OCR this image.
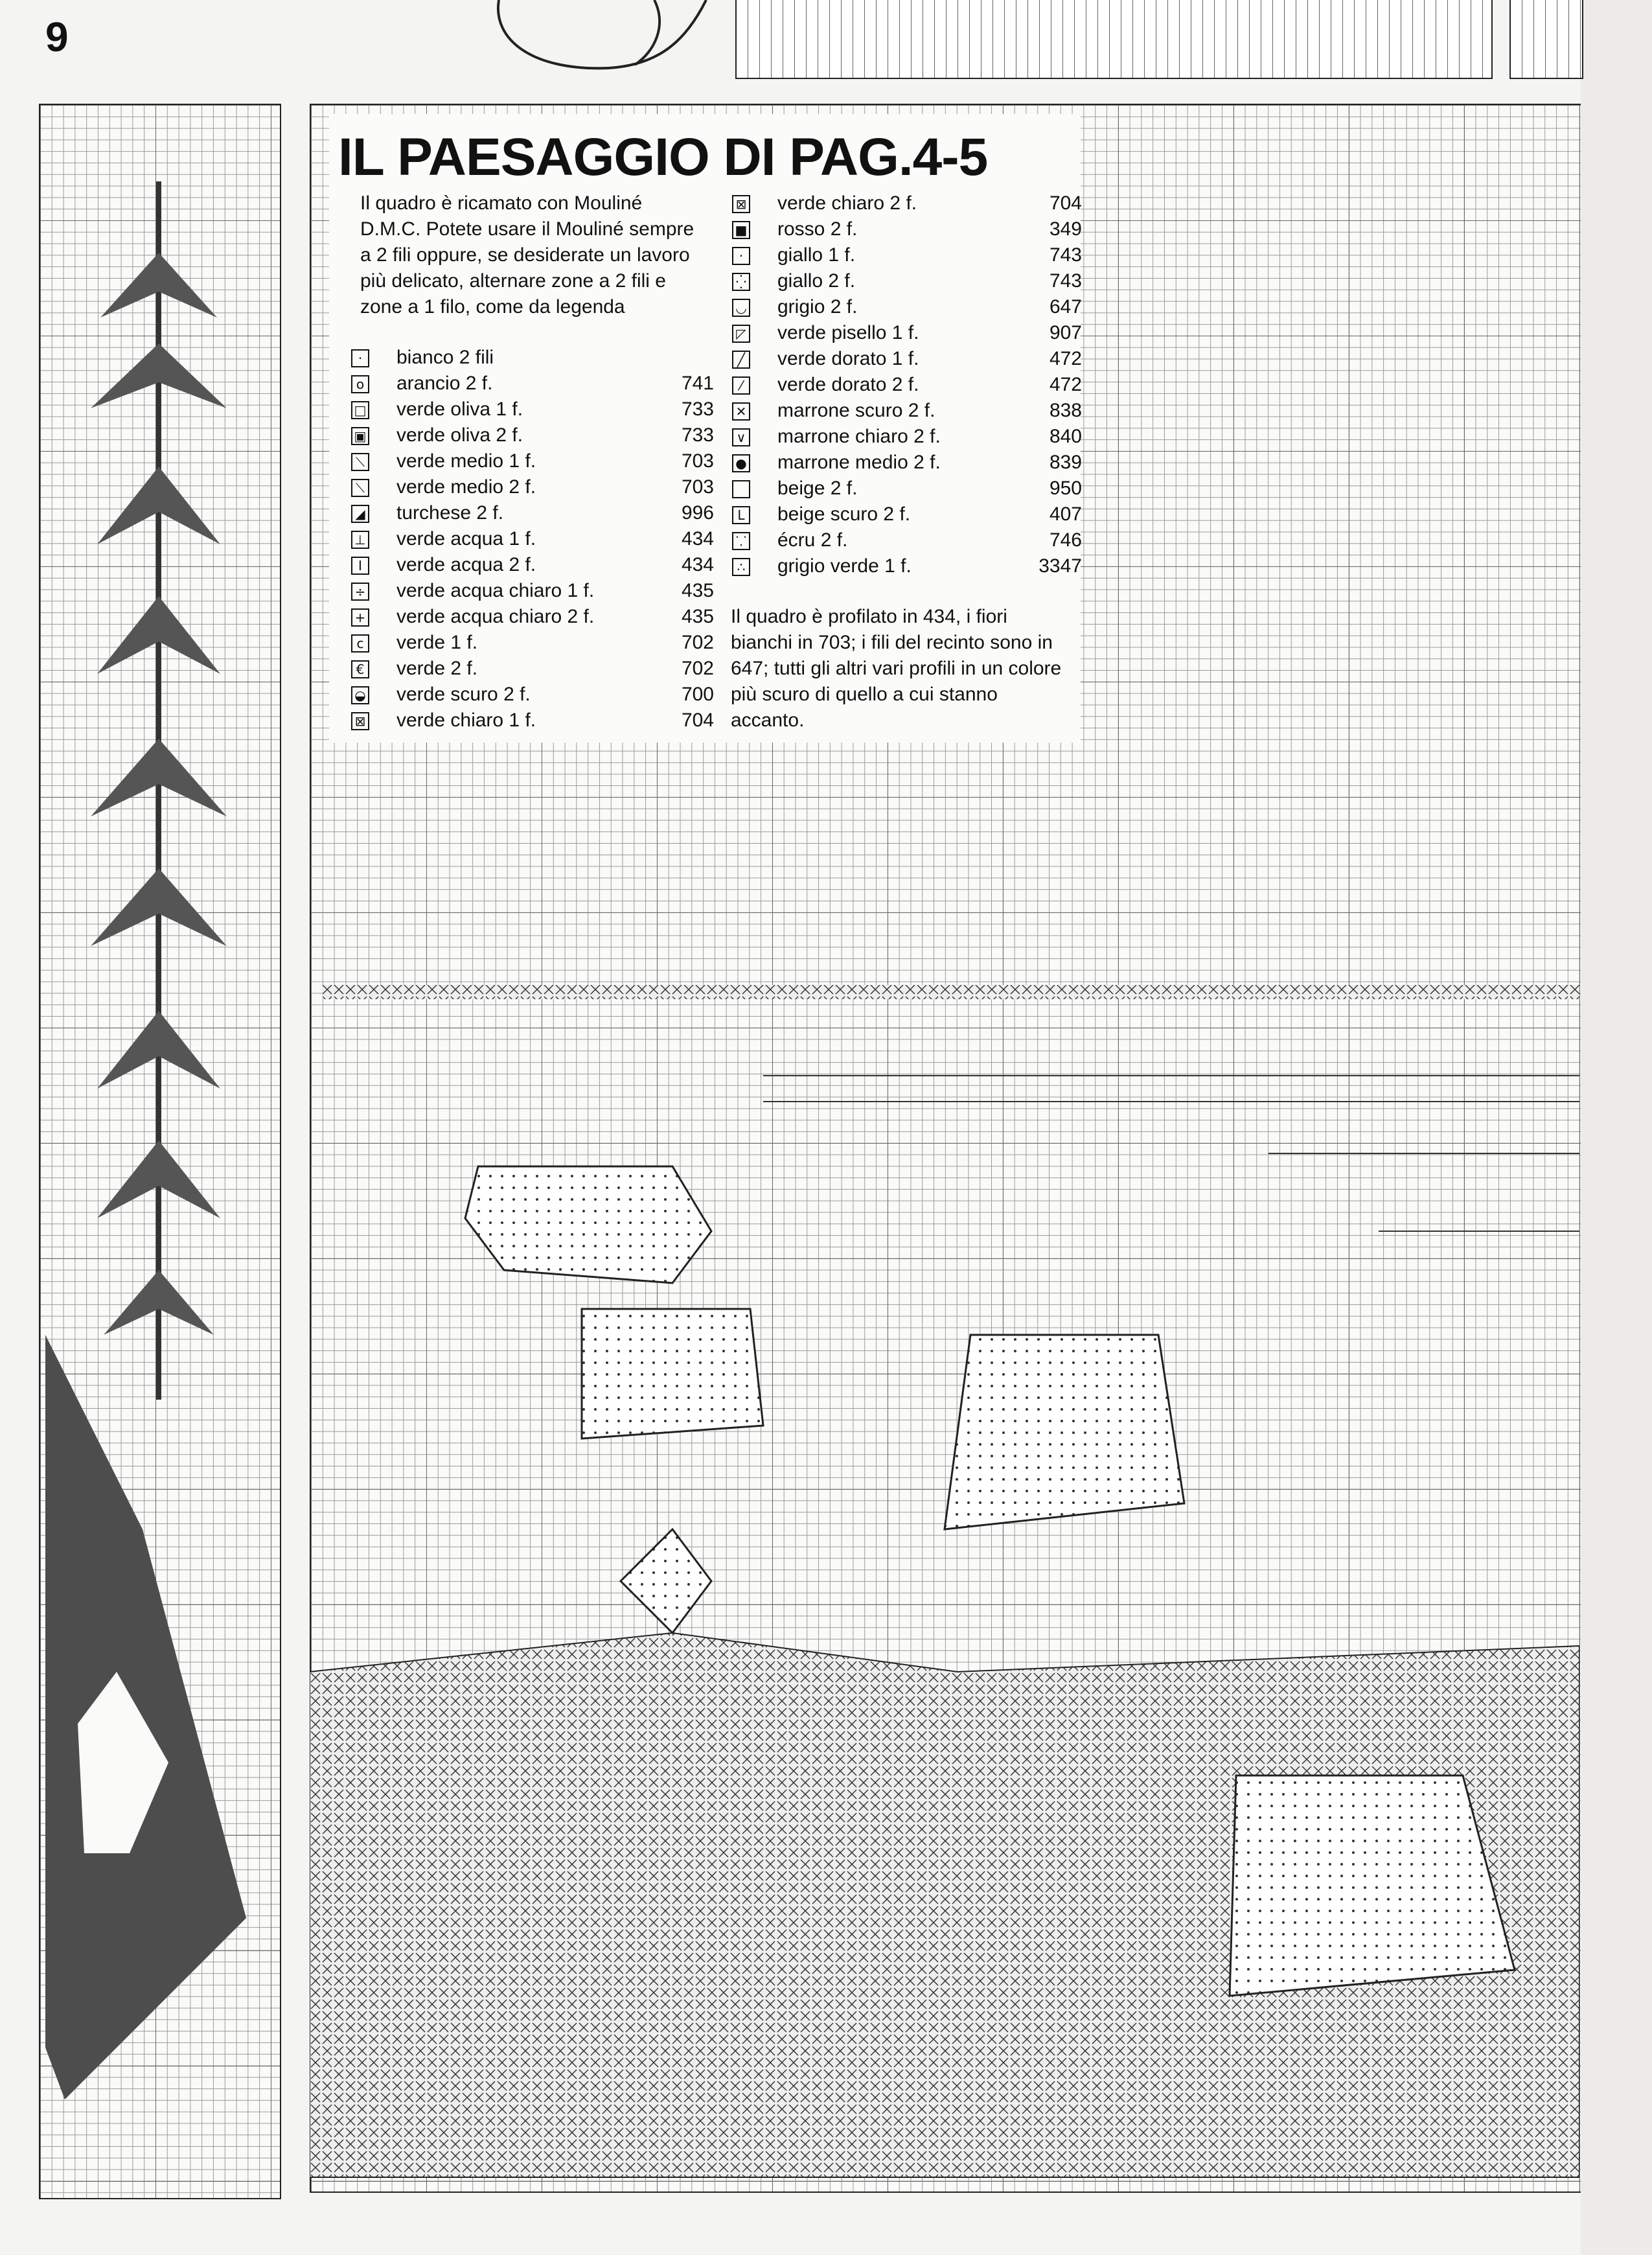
9
IL PAESAGGIO DI PAG.4-5
Il quadro è ricamato con Mouliné D.M.C. Potete usare il Mouliné sempre a 2 fili oppure, se desiderate un lavoro più delicato, alternare zone a 2 fili e zone a 1 filo, come da legenda
·	bianco 2 fili
o arancio 2 f.	741
□ verde oliva 1 f.	733
▣ verde oliva 2 f.	733
⟍ verde medio 1 f.	703
⟍ verde medio 2 f.	703
◢ turchese 2 f.	996
⊥ verde acqua 1 f.	434
I	verde acqua 2 f.	434
÷ verde acqua chiaro 1 f.	435
+ verde acqua chiaro 2 f.	435
c verde 1 f.	702
€ verde 2 f.	702
◒ verde scuro 2 f.	700
⊠ verde chiaro 1 f.	704
⊠ verde chiaro 2 f.	704
■ rosso 2 f.	349
·	giallo 1 f.	743
⁛ giallo 2 f.	743
◡ grigio 2 f.	647
◸ verde pisello 1 f.	907
╱ verde dorato 1 f.	472
⁄	verde dorato 2 f.	472
✕ marrone scuro 2 f.	838
∨ marrone chiaro 2 f.	840
● marrone medio 2 f.	839
beige 2 f.	950
L beige scuro 2 f.	407
⸪ écru 2 f.	746
∴ grigio verde 1 f.	3347
Il quadro è profilato in 434, i fiori bianchi in 703; i fili del recinto sono in 647; tutti gli altri vari profili in un colore più scuro di quello a cui stanno accanto.
